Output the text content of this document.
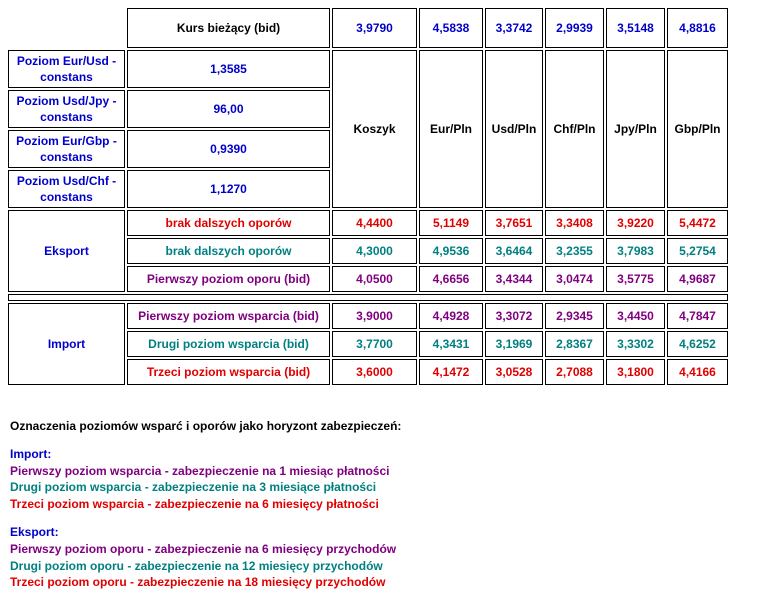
	Kurs bieżący (bid)	3,9790	4,5838	3,3742	2,9939	3,5148	4,8816
Poziom Eur/Usd - constans	1,3585	Koszyk	Eur/Pln	Usd/Pln	Chf/Pln	Jpy/Pln	Gbp/Pln
Poziom Usd/Jpy - constans	96,00						
Poziom Eur/Gbp - constans	0,9390						
Poziom Usd/Chf - constans	1,1270						
Eksport	brak dalszych oporów	4,4400	5,1149	3,7651	3,3408	3,9220	5,4472
	brak dalszych oporów	4,3000	4,9536	3,6464	3,2355	3,7983	5,2754
	Pierwszy poziom oporu (bid)	4,0500	4,6656	3,4344	3,0474	3,5775	4,9687

Import	Pierwszy poziom wsparcia (bid)	3,9000	4,4928	3,3072	2,9345	3,4450	4,7847
	Drugi poziom wsparcia (bid)	3,7700	4,3431	3,1969	2,8367	3,3302	4,6252
	Trzeci poziom wsparcia (bid)	3,6000	4,1472	3,0528	2,7088	3,1800	4,4166
Oznaczenia poziomów wsparć i oporów jako horyzont zabezpieczeń:
Import:
Pierwszy poziom wsparcia - zabezpieczenie na 1 miesiąc płatności
Drugi poziom wsparcia - zabezpieczenie na 3 miesiące płatności
Trzeci poziom wsparcia - zabezpieczenie na 6 miesięcy płatności
Eksport:
Pierwszy poziom oporu - zabezpieczenie na 6 miesięcy przychodów
Drugi poziom oporu - zabezpieczenie na 12 miesięcy przychodów
Trzeci poziom oporu - zabezpieczenie na 18 miesięcy przychodów
